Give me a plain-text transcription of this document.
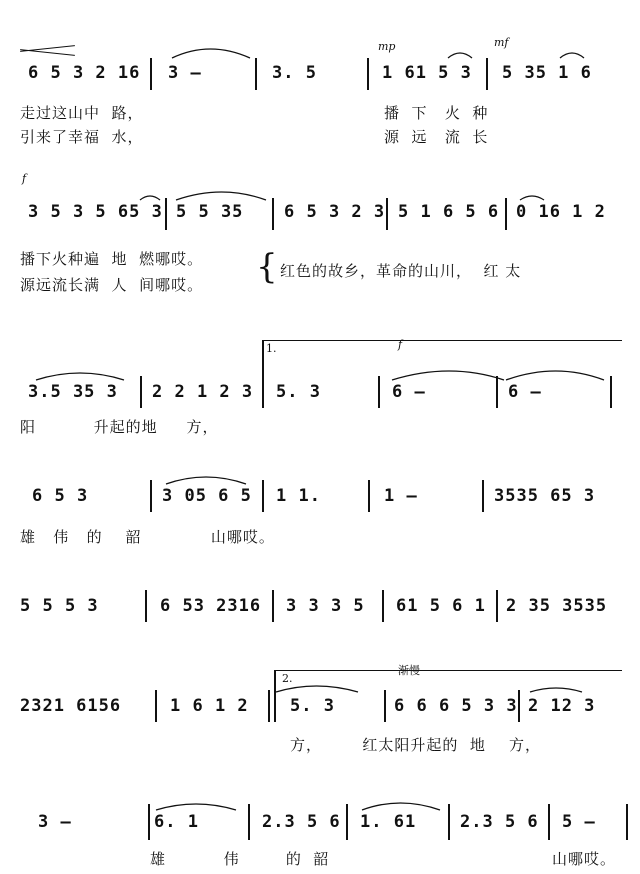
mp	mf
6 5 3 2 16 3 –	3. 5	1 61 5 3 5 35 1 6
走过这山中  路，	播  下   火  种
引来了幸福  水，	源  远   流  长
f
3 5 3 5 65 3 5 5 35 6 5 3 2 3 5 1 6 5 6 0 16 1 2
播下火种遍  地  燃哪哎。
源远流长满  人  间哪哎。 { 红色的故乡，革命的山川，  红 太
1.	f
3.5 35 3 2 2 1 2 3 5. 3	6 –	6 –
阳          升起的地     方，
6 5 3	3 05 6 5 1 1.	1 –	3535 65 3
雄   伟   的    韶            山哪哎。
5 5 5 3	6 53 2316 3 3 3 5 61 5 6 1 2 35 3535
2.
渐慢
2321 6156	1 6 1 2 5. 3	6 6 6 5 3 3 2 12 3
方，       红太阳升起的  地    方，
3 –	6. 1	2.3 5 6 1. 61	2.3 5 6 5 –
雄          伟        的  韶	山哪哎。
